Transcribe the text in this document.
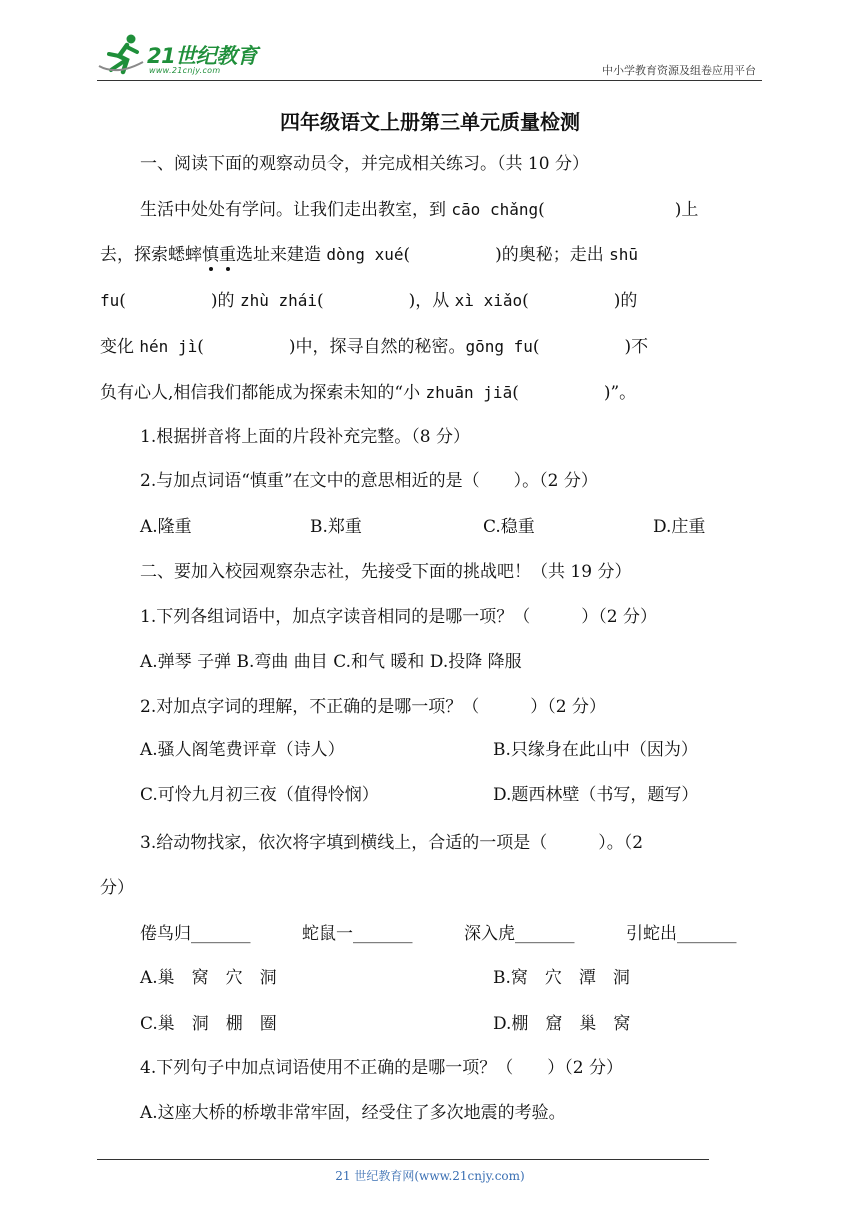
21世纪教育
www.21cnjy.com	中小学教育资源及组卷应用平台
四年级语文上册第三单元质量检测
一、阅读下面的观察动员令，并完成相关练习。（共 10 分）
生活中处处有学问。让我们走出教室，到 cāo chǎng(	)上
去，探索蟋蟀慎重选址来建造 dòng xué(　　　　　)的奥秘；走出 shū
fu(　　　　　)的 zhù zhái(　　　　　)，从 xì xiǎo(　　　　　)的
变化 hén jì(　　　　　)中，探寻自然的秘密。gōng fu(　　　　　)不
负有心人,相信我们都能成为探索未知的“小 zhuān jiā(　　　　　)”。
1.根据拼音将上面的片段补充完整。（8 分）
2.与加点词语“慎重”在文中的意思相近的是（　　）。（2 分）
A.隆重	B.郑重	C.稳重	D.庄重
二、要加入校园观察杂志社，先接受下面的挑战吧！（共 19 分）
1.下列各组词语中，加点字读音相同的是哪一项？（　　　）（2 分）
A.弹琴 子弹 B.弯曲 曲目 C.和气 暖和 D.投降 降服
2.对加点字词的理解，不正确的是哪一项？（　　　）（2 分）
A.骚人阁笔费评章（诗人）	B.只缘身在此山中（因为）
C.可怜九月初三夜（值得怜悯）	D.题西林壁（书写，题写）
3.给动物找家，依次将字填到横线上，合适的一项是（　　　）。（2
分）
倦鸟归_______	蛇鼠一_______	深入虎_______	引蛇出_______
A.巢　窝　穴　洞	B.窝　穴　潭　洞
C.巢　洞　棚　圈	D.棚　窟　巢　窝
4.下列句子中加点词语使用不正确的是哪一项？（　　）（2 分）
A.这座大桥的桥墩非常牢固，经受住了多次地震的考验。
21 世纪教育网(www.21cnjy.com)
